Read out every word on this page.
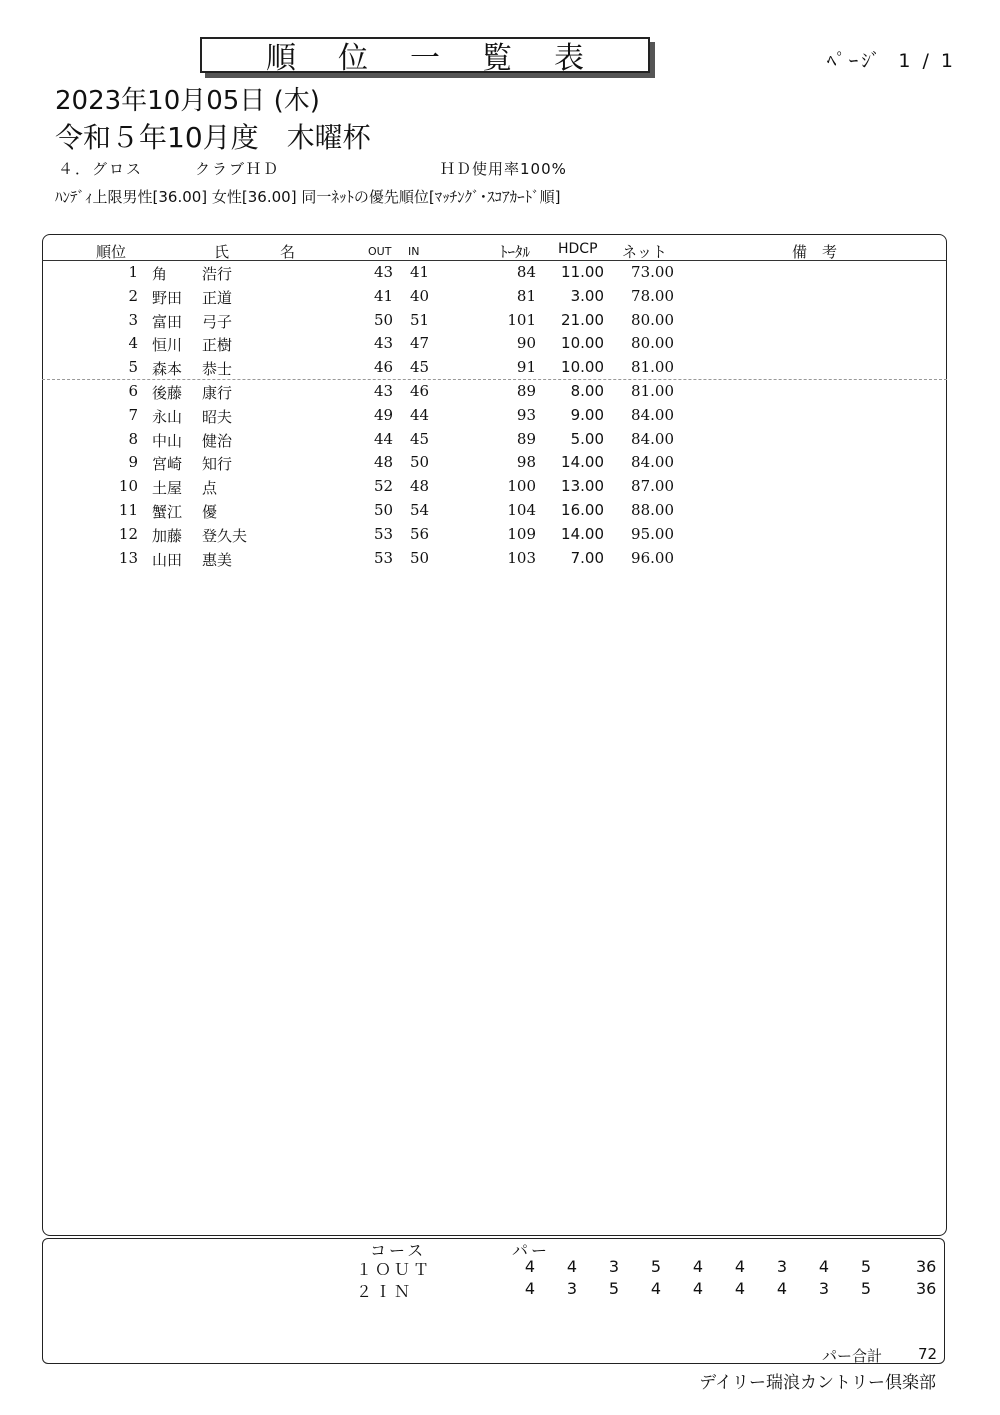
順位一覧表	ﾍﾟｰｼﾞ 1 / 1
2023年10月05日 (木)
令和５年10月度　木曜杯
４．グロス	クラブＨＤ	ＨＤ使用率100%
ﾊﾝﾃﾞｨ上限男性[36.00] 女性[36.00] 同一ﾈｯﾄの優先順位[ﾏｯﾁﾝｸﾞ･ｽｺｱｶｰﾄﾞ順]
順位	氏	名	OUT IN	ﾄｰﾀﾙ HDCP ネット	備　考
1 角 浩行	43 41	84	11.00	73.00
2 野田 正道	41 40	81	3.00	78.00
3 富田 弓子	50 51	101	21.00	80.00
4 恒川 正樹	43 47	90	10.00	80.00
5 森本 恭士	46 45	91	10.00	81.00
6 後藤 康行	43 46	89	8.00	81.00
7 永山 昭夫	49 44	93	9.00	84.00
8 中山 健治	44 45	89	5.00	84.00
9 宮崎 知行	48 50	98	14.00	84.00
10 土屋 点	52 48	100	13.00	87.00
11 蟹江 優	50 54	104	16.00	88.00
12 加藤 登久夫	53 56	109	14.00	95.00
13 山田 惠美	53 50	103	7.00	96.00
コース	パー
１ＯＵＴ	4	4	3	5	4	4	3	4	5	36
２ＩＮ	4	3	5	4	4	4	4	3	5	36
パー合計 72
デイリー瑞浪カントリー倶楽部
